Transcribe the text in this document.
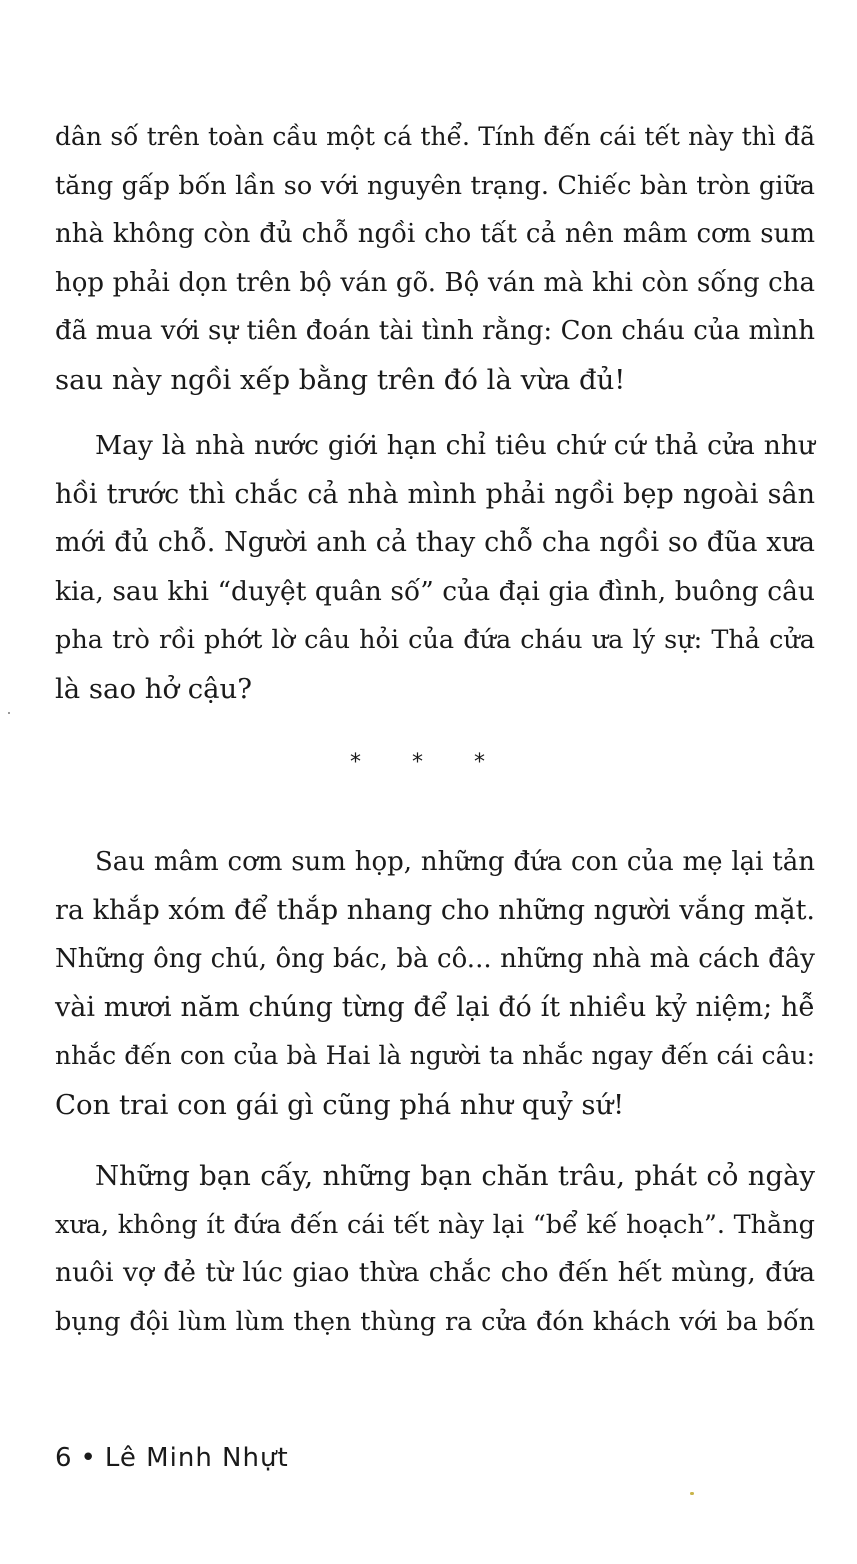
dân số trên toàn cầu một cá thể. Tính đến cái tết này thì đã
tăng gấp bốn lần so với nguyên trạng. Chiếc bàn tròn giữa
nhà không còn đủ chỗ ngồi cho tất cả nên mâm cơm sum
họp phải dọn trên bộ ván gõ. Bộ ván mà khi còn sống cha
đã mua với sự tiên đoán tài tình rằng: Con cháu của mình
sau này ngồi xếp bằng trên đó là vừa đủ!
May là nhà nước giới hạn chỉ tiêu chứ cứ thả cửa như
hồi trước thì chắc cả nhà mình phải ngồi bẹp ngoài sân
mới đủ chỗ. Người anh cả thay chỗ cha ngồi so đũa xưa
kia, sau khi “duyệt quân số” của đại gia đình, buông câu
pha trò rồi phớt lờ câu hỏi của đứa cháu ưa lý sự: Thả cửa
là sao hở cậu?
* * *
Sau mâm cơm sum họp, những đứa con của mẹ lại tản
ra khắp xóm để thắp nhang cho những người vắng mặt.
Những ông chú, ông bác, bà cô... những nhà mà cách đây
vài mươi năm chúng từng để lại đó ít nhiều kỷ niệm; hễ
nhắc đến con của bà Hai là người ta nhắc ngay đến cái câu:
Con trai con gái gì cũng phá như quỷ sứ!
Những bạn cấy, những bạn chăn trâu, phát cỏ ngày
xưa, không ít đứa đến cái tết này lại “bể kế hoạch”. Thằng
nuôi vợ đẻ từ lúc giao thừa chắc cho đến hết mùng, đứa
bụng đội lùm lùm thẹn thùng ra cửa đón khách với ba bốn
6 • Lê Minh Nhựt
